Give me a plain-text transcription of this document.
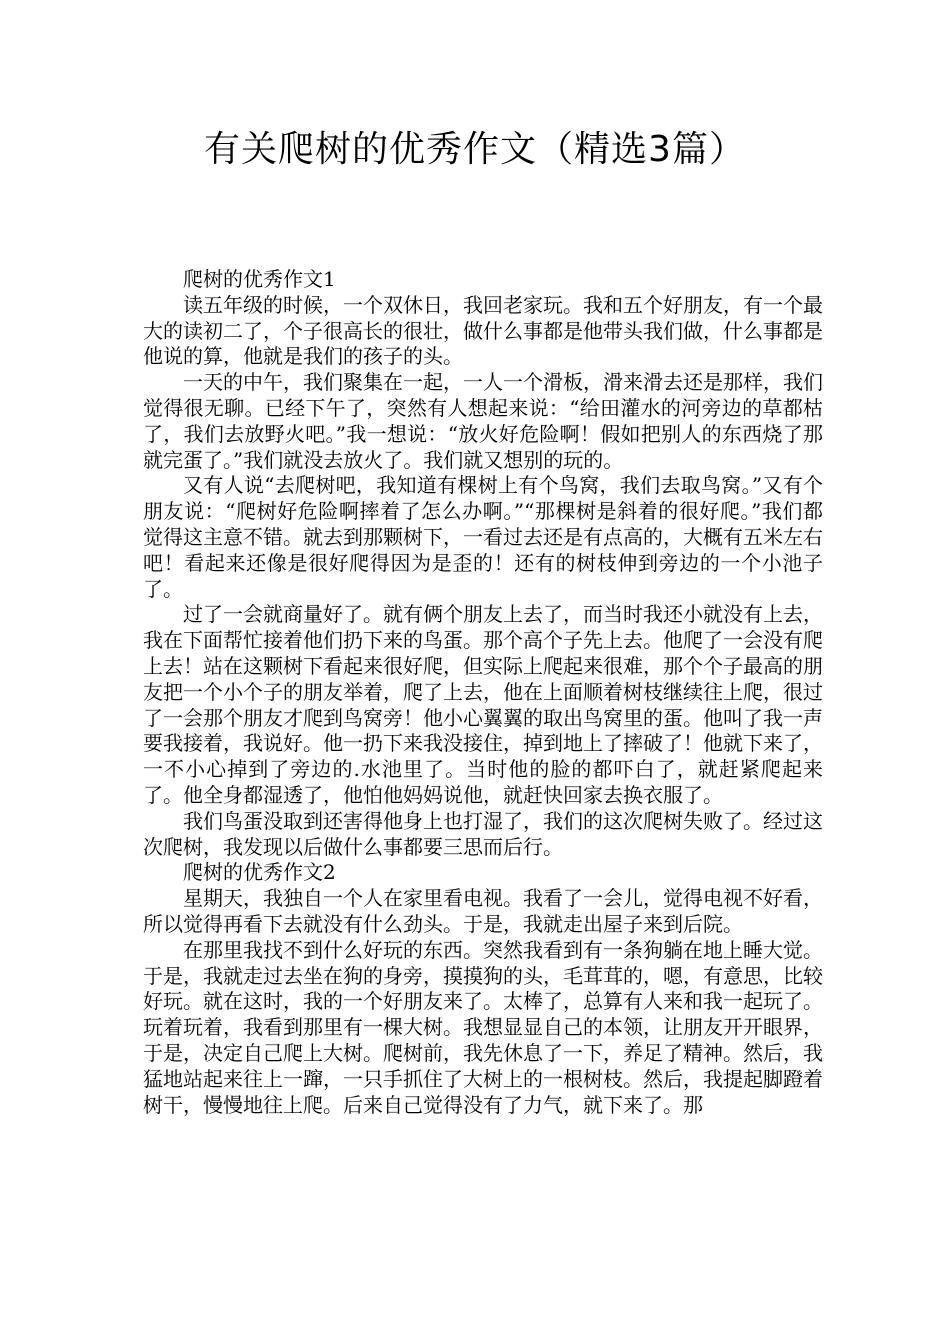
有关爬树的优秀作文（精选3篇）

爬树的优秀作文1

读五年级的时候，一个双休日，我回老家玩。我和五个好朋友，有一个最大的读初二了，个子很高长的很壮，做什么事都是他带头我们做，什么事都是他说的算，他就是我们的孩子的头。

一天的中午，我们聚集在一起，一人一个滑板，滑来滑去还是那样，我们觉得很无聊。已经下午了，突然有人想起来说：“给田灌水的河旁边的草都枯了，我们去放野火吧。”我一想说：“放火好危险啊！假如把别人的东西烧了那就完蛋了。”我们就没去放火了。我们就又想别的玩的。

又有人说“去爬树吧，我知道有棵树上有个鸟窝，我们去取鸟窝。”又有个朋友说：“爬树好危险啊摔着了怎么办啊。”“那棵树是斜着的很好爬。”我们都觉得这主意不错。就去到那颗树下，一看过去还是有点高的，大概有五米左右吧！看起来还像是很好爬得因为是歪的！还有的树枝伸到旁边的一个小池子了。

过了一会就商量好了。就有俩个朋友上去了，而当时我还小就没有上去，我在下面帮忙接着他们扔下来的鸟蛋。那个高个子先上去。他爬了一会没有爬上去！站在这颗树下看起来很好爬，但实际上爬起来很难，那个个子最高的朋友把一个小个子的朋友举着，爬了上去，他在上面顺着树枝继续往上爬，很过了一会那个朋友才爬到鸟窝旁！他小心翼翼的取出鸟窝里的蛋。他叫了我一声要我接着，我说好。他一扔下来我没接住，掉到地上了摔破了！他就下来了，一不小心掉到了旁边的.水池里了。当时他的脸的都吓白了，就赶紧爬起来了。他全身都湿透了，他怕他妈妈说他，就赶快回家去换衣服了。

我们鸟蛋没取到还害得他身上也打湿了，我们的这次爬树失败了。经过这次爬树，我发现以后做什么事都要三思而后行。

爬树的优秀作文2

星期天，我独自一个人在家里看电视。我看了一会儿，觉得电视不好看，所以觉得再看下去就没有什么劲头。于是，我就走出屋子来到后院。

在那里我找不到什么好玩的东西。突然我看到有一条狗躺在地上睡大觉。于是，我就走过去坐在狗的身旁，摸摸狗的头，毛茸茸的，嗯，有意思，比较好玩。就在这时，我的一个好朋友来了。太棒了，总算有人来和我一起玩了。玩着玩着，我看到那里有一棵大树。我想显显自己的本领，让朋友开开眼界，于是，决定自己爬上大树。爬树前，我先休息了一下，养足了精神。然后，我猛地站起来往上一蹿，一只手抓住了大树上的一根树枝。然后，我提起脚蹬着树干，慢慢地往上爬。后来自己觉得没有了力气，就下来了。那
